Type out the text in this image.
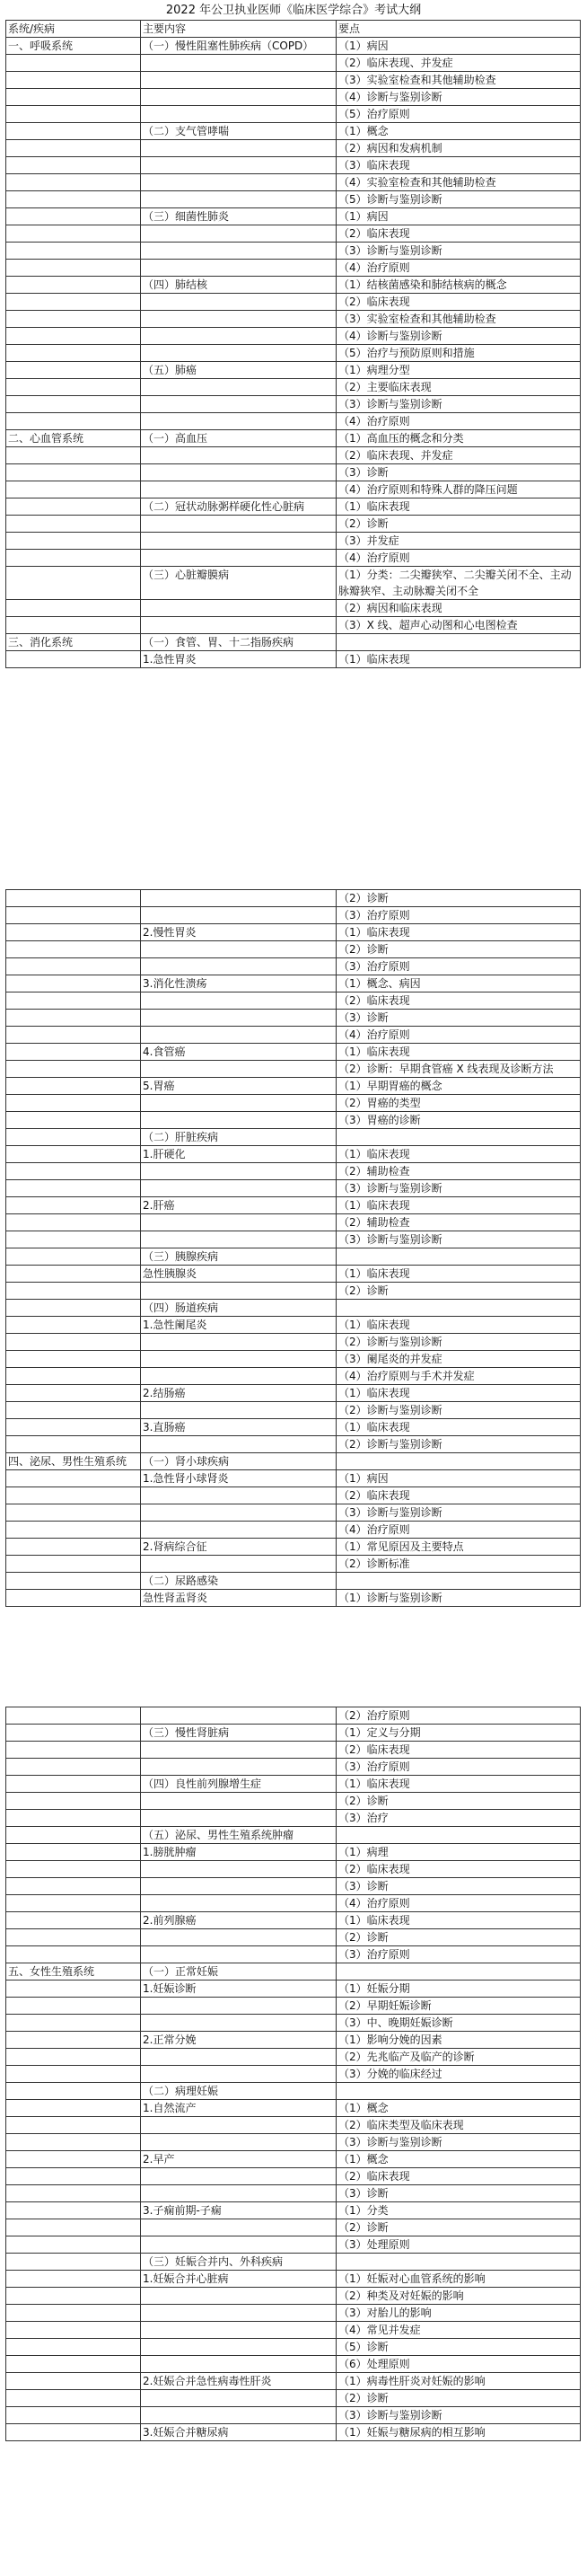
2022 年公卫执业医师《临床医学综合》考试大纲
系统/疾病	主要内容	要点
一、呼吸系统	（一）慢性阻塞性肺疾病（COPD）	（1）病因
		（2）临床表现、并发症
		（3）实验室检查和其他辅助检查
		（4）诊断与鉴别诊断
		（5）治疗原则
	（二）支气管哮喘	（1）概念
		（2）病因和发病机制
		（3）临床表现
		（4）实验室检查和其他辅助检查
		（5）诊断与鉴别诊断
	（三）细菌性肺炎	（1）病因
		（2）临床表现
		（3）诊断与鉴别诊断
		（4）治疗原则
	（四）肺结核	（1）结核菌感染和肺结核病的概念
		（2）临床表现
		（3）实验室检查和其他辅助检查
		（4）诊断与鉴别诊断
		（5）治疗与预防原则和措施
	（五）肺癌	（1）病理分型
		（2）主要临床表现
		（3）诊断与鉴别诊断
		（4）治疗原则
二、心血管系统	（一）高血压	（1）高血压的概念和分类
		（2）临床表现、并发症
		（3）诊断
		（4）治疗原则和特殊人群的降压问题
	（二）冠状动脉粥样硬化性心脏病	（1）临床表现
		（2）诊断
		（3）并发症
		（4）治疗原则
	（三）心脏瓣膜病	（1）分类：二尖瓣狭窄、二尖瓣关闭不全、主动脉瓣狭窄、主动脉瓣关闭不全
		（2）病因和临床表现
		（3）X 线、超声心动图和心电图检查
三、消化系统	（一）食管、胃、十二指肠疾病	
	1.急性胃炎	（1）临床表现
		（2）诊断
		（3）治疗原则
	2.慢性胃炎	（1）临床表现
		（2）诊断
		（3）治疗原则
	3.消化性溃疡	（1）概念、病因
		（2）临床表现
		（3）诊断
		（4）治疗原则
	4.食管癌	（1）临床表现
		（2）诊断：早期食管癌 X 线表现及诊断方法
	5.胃癌	（1）早期胃癌的概念
		（2）胃癌的类型
		（3）胃癌的诊断
	（二）肝脏疾病	
	1.肝硬化	（1）临床表现
		（2）辅助检查
		（3）诊断与鉴别诊断
	2.肝癌	（1）临床表现
		（2）辅助检查
		（3）诊断与鉴别诊断
	（三）胰腺疾病	
	急性胰腺炎	（1）临床表现
		（2）诊断
	（四）肠道疾病	
	1.急性阑尾炎	（1）临床表现
		（2）诊断与鉴别诊断
		（3）阑尾炎的并发症
		（4）治疗原则与手术并发症
	2.结肠癌	（1）临床表现
		（2）诊断与鉴别诊断
	3.直肠癌	（1）临床表现
		（2）诊断与鉴别诊断
四、泌尿、男性生殖系统	（一）肾小球疾病	
	1.急性肾小球肾炎	（1）病因
		（2）临床表现
		（3）诊断与鉴别诊断
		（4）治疗原则
	2.肾病综合征	（1）常见原因及主要特点
		（2）诊断标准
	（二）尿路感染	
	急性肾盂肾炎	（1）诊断与鉴别诊断
		（2）治疗原则
	（三）慢性肾脏病	（1）定义与分期
		（2）临床表现
		（3）治疗原则
	（四）良性前列腺增生症	（1）临床表现
		（2）诊断
		（3）治疗
	（五）泌尿、男性生殖系统肿瘤	
	1.膀胱肿瘤	（1）病理
		（2）临床表现
		（3）诊断
		（4）治疗原则
	2.前列腺癌	（1）临床表现
		（2）诊断
		（3）治疗原则
五、女性生殖系统	（一）正常妊娠	
	1.妊娠诊断	（1）妊娠分期
		（2）早期妊娠诊断
		（3）中、晚期妊娠诊断
	2.正常分娩	（1）影响分娩的因素
		（2）先兆临产及临产的诊断
		（3）分娩的临床经过
	（二）病理妊娠	
	1.自然流产	（1）概念
		（2）临床类型及临床表现
		（3）诊断与鉴别诊断
	2.早产	（1）概念
		（2）临床表现
		（3）诊断
	3.子痫前期-子痫	（1）分类
		（2）诊断
		（3）处理原则
	（三）妊娠合并内、外科疾病	
	1.妊娠合并心脏病	（1）妊娠对心血管系统的影响
		（2）种类及对妊娠的影响
		（3）对胎儿的影响
		（4）常见并发症
		（5）诊断
		（6）处理原则
	2.妊娠合并急性病毒性肝炎	（1）病毒性肝炎对妊娠的影响
		（2）诊断
		（3）诊断与鉴别诊断
	3.妊娠合并糖尿病	（1）妊娠与糖尿病的相互影响
